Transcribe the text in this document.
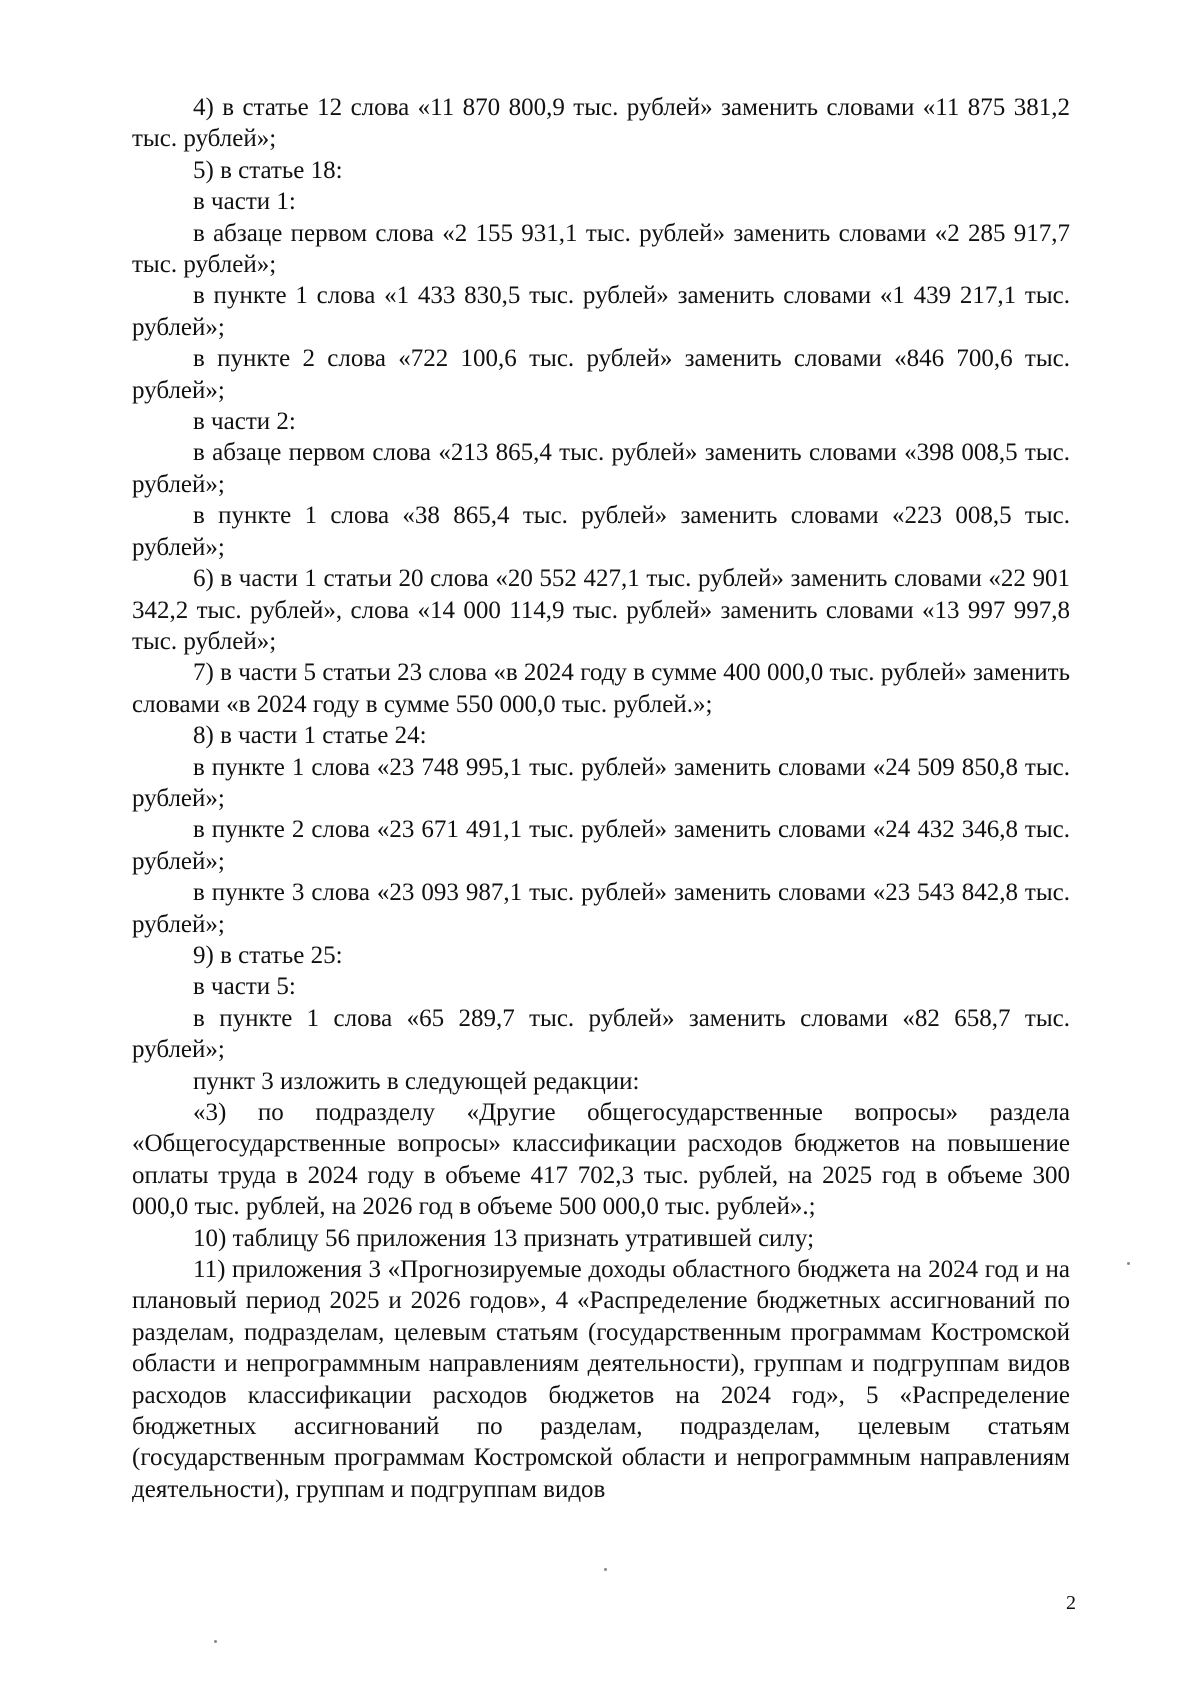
4) в статье 12 слова «11 870 800,9 тыс. рублей» заменить словами «11 875 381,2 тыс. рублей»;

5) в статье 18:

в части 1:

в абзаце первом слова «2 155 931,1 тыс. рублей» заменить словами «2 285 917,7 тыс. рублей»;

в пункте 1 слова «1 433 830,5 тыс. рублей» заменить словами «1 439 217,1 тыс. рублей»;

в пункте 2 слова «722 100,6 тыс. рублей» заменить словами «846 700,6 тыс. рублей»;

в части 2:

в абзаце первом слова «213 865,4 тыс. рублей» заменить словами «398 008,5 тыс. рублей»;

в пункте 1 слова «38 865,4 тыс. рублей» заменить словами «223 008,5 тыс. рублей»;

6) в части 1 статьи 20 слова «20 552 427,1 тыс. рублей» заменить словами «22 901 342,2 тыс. рублей», слова «14 000 114,9 тыс. рублей» заменить словами «13 997 997,8 тыс. рублей»;

7) в части 5 статьи 23 слова «в 2024 году в сумме 400 000,0 тыс. рублей» заменить словами «в 2024 году в сумме 550 000,0 тыс. рублей.»;

8) в части 1 статье 24:

в пункте 1 слова «23 748 995,1 тыс. рублей» заменить словами «24 509 850,8 тыс. рублей»;

в пункте 2 слова «23 671 491,1 тыс. рублей» заменить словами «24 432 346,8 тыс. рублей»;

в пункте 3 слова «23 093 987,1 тыс. рублей» заменить словами «23 543 842,8 тыс. рублей»;

9) в статье 25:

в части 5:

в пункте 1 слова «65 289,7 тыс. рублей» заменить словами «82 658,7 тыс. рублей»;

пункт 3 изложить в следующей редакции:

«3) по подразделу «Другие общегосударственные вопросы» раздела «Общегосударственные вопросы» классификации расходов бюджетов на повышение оплаты труда в 2024 году в объеме 417 702,3 тыс. рублей, на 2025 год в объеме 300 000,0 тыс. рублей, на 2026 год в объеме 500 000,0 тыс. рублей».;

10) таблицу 56 приложения 13 признать утратившей силу;

11) приложения 3 «Прогнозируемые доходы областного бюджета на 2024 год и на плановый период 2025 и 2026 годов», 4 «Распределение бюджетных ассигнований по разделам, подразделам, целевым статьям (государственным программам Костромской области и непрограммным направлениям деятельности), группам и подгруппам видов расходов классификации расходов бюджетов на 2024 год», 5 «Распределение бюджетных ассигнований по разделам, подразделам, целевым статьям (государственным программам Костромской области и непрограммным направлениям деятельности), группам и подгруппам видов

2
